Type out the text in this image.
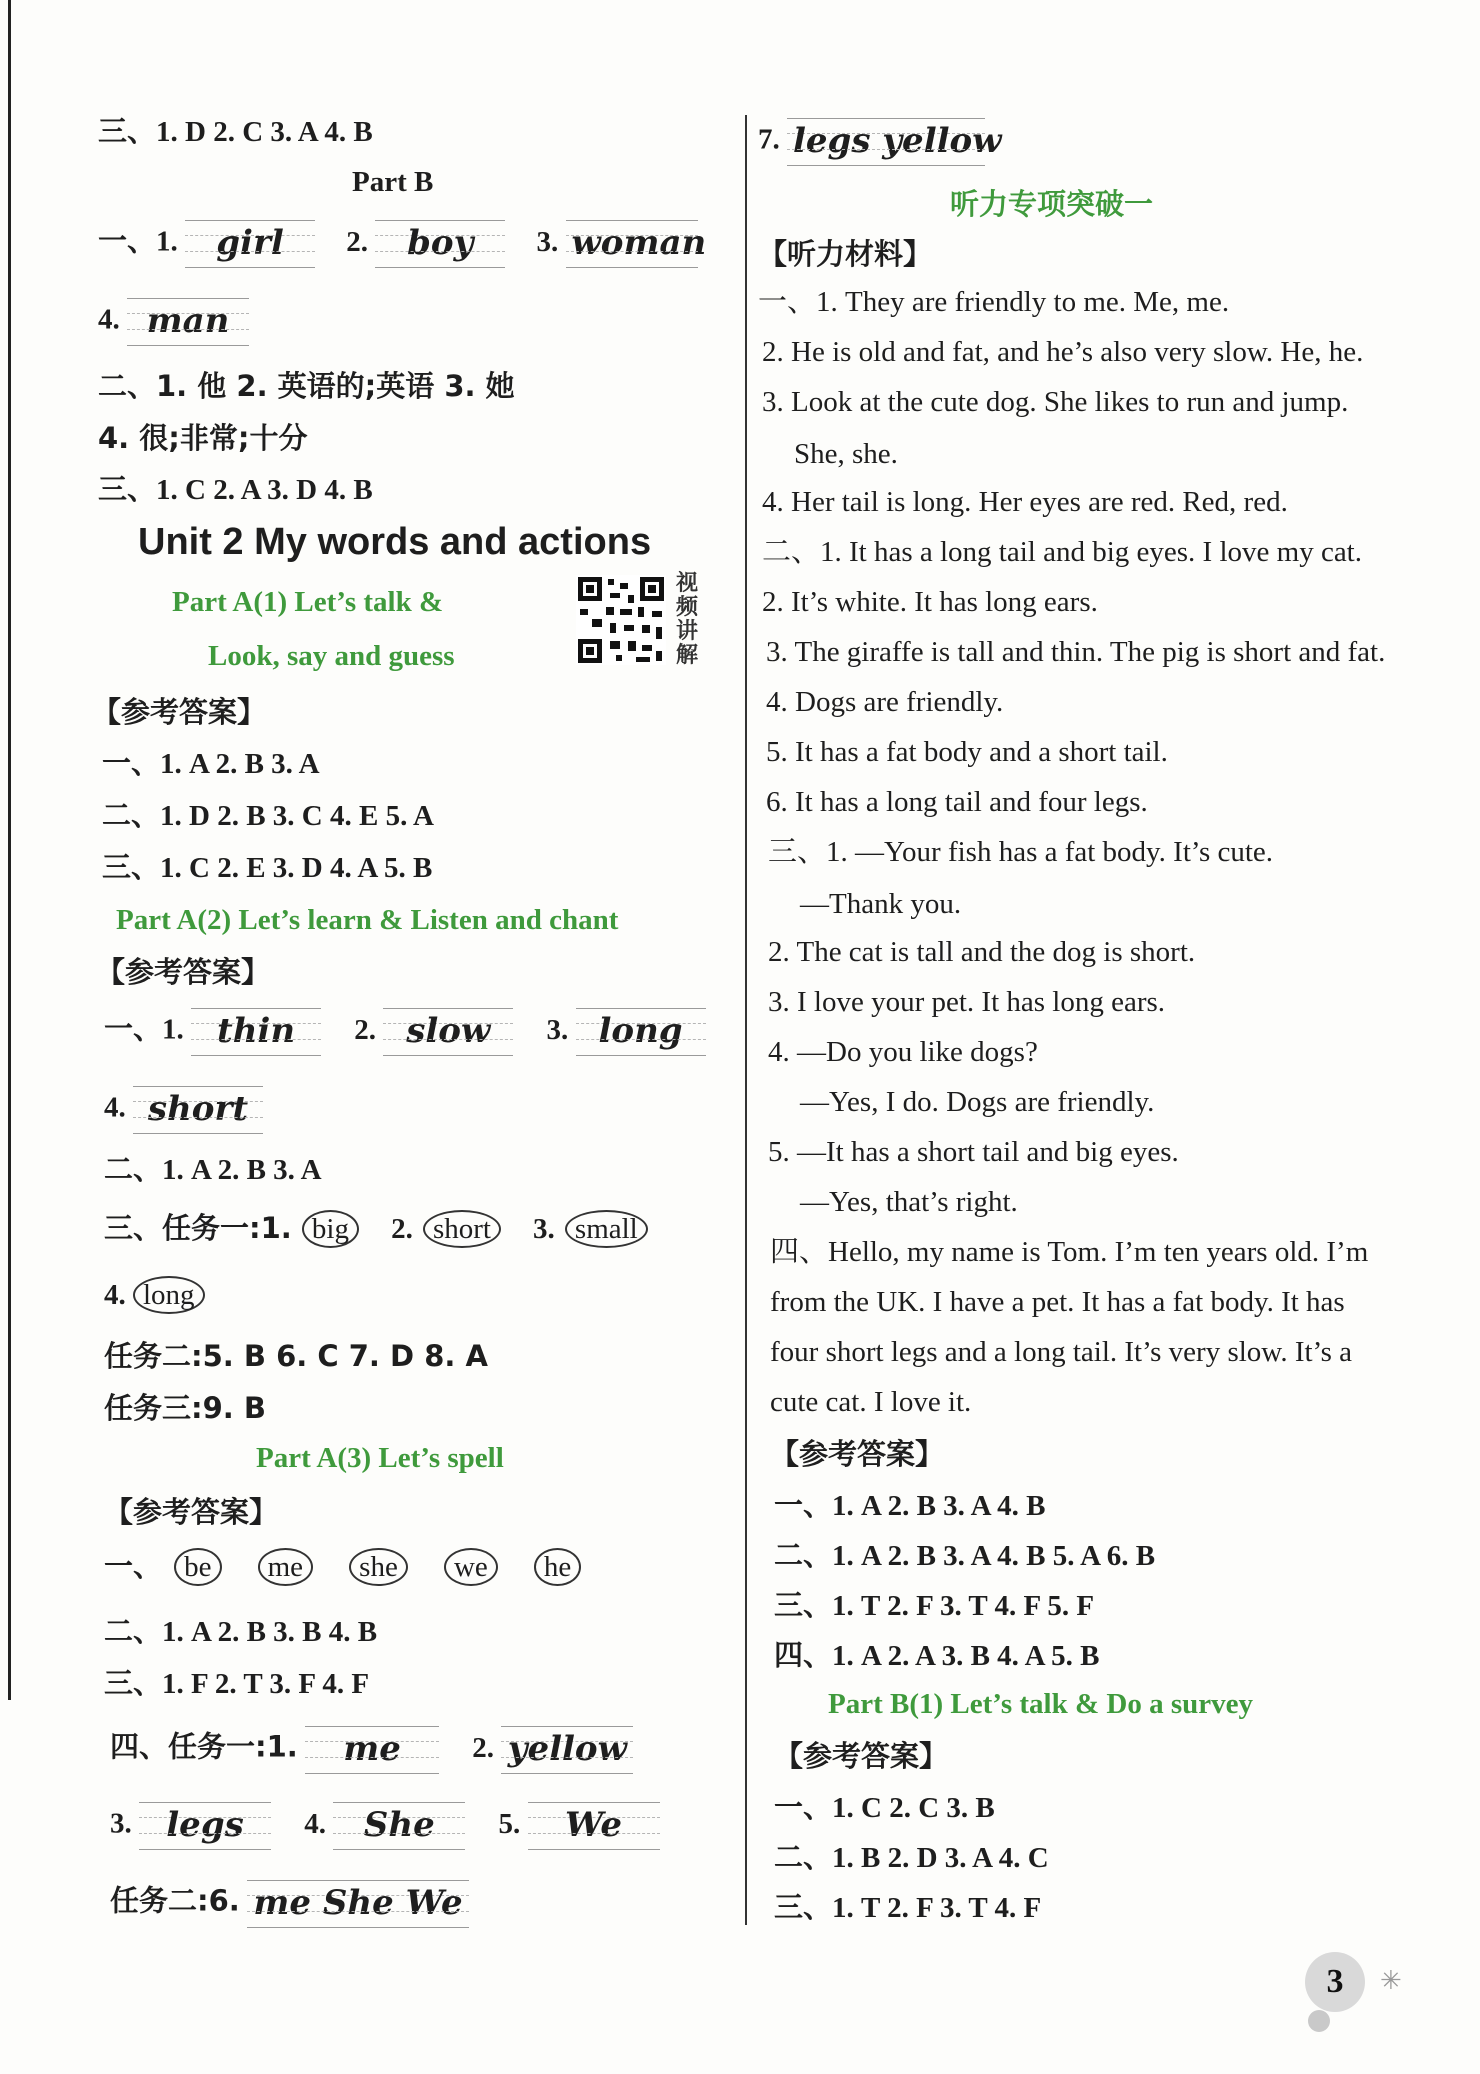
三、1. D 2. C 3. A 4. B
Part B
一、1. girl 2. boy 3. woman
4. man
二、1. 他 2. 英语的;英语 3. 她
4. 很;非常;十分
三、1. C 2. A 3. D 4. B
Unit 2 My words and actions
Part A(1) Let’s talk &
Look, say and guess
视频讲解
【参考答案】
一、1. A 2. B 3. A
二、1. D 2. B 3. C 4. E 5. A
三、1. C 2. E 3. D 4. A 5. B
Part A(2) Let’s learn & Listen and chant
【参考答案】
一、1. thin 2. slow 3. long
4. short
二、1. A 2. B 3. A
三、任务一:1. big 2. short 3. small
4. long
任务二:5. B 6. C 7. D 8. A
任务三:9. B
Part A(3) Let’s spell
【参考答案】
一、 be me she we he
二、1. A 2. B 3. B 4. B
三、1. F 2. T 3. F 4. F
四、任务一:1. me 2. yellow
3. legs 4. She 5. We
任务二:6. me She We
7. legs yellow
听力专项突破一
【听力材料】
一、1. They are friendly to me. Me, me.
2. He is old and fat, and he’s also very slow. He, he.
3. Look at the cute dog. She likes to run and jump.
She, she.
4. Her tail is long. Her eyes are red. Red, red.
二、1. It has a long tail and big eyes. I love my cat.
2. It’s white. It has long ears.
3. The giraffe is tall and thin. The pig is short and fat.
4. Dogs are friendly.
5. It has a fat body and a short tail.
6. It has a long tail and four legs.
三、1. —Your fish has a fat body. It’s cute.
—Thank you.
2. The cat is tall and the dog is short.
3. I love your pet. It has long ears.
4. —Do you like dogs?
—Yes, I do. Dogs are friendly.
5. —It has a short tail and big eyes.
—Yes, that’s right.
四、Hello, my name is Tom. I’m ten years old. I’m
from the UK. I have a pet. It has a fat body. It has
four short legs and a long tail. It’s very slow. It’s a
cute cat. I love it.
【参考答案】
一、1. A 2. B 3. A 4. B
二、1. A 2. B 3. A 4. B 5. A 6. B
三、1. T 2. F 3. T 4. F 5. F
四、1. A 2. A 3. B 4. A 5. B
Part B(1) Let’s talk & Do a survey
【参考答案】
一、1. C 2. C 3. B
二、1. B 2. D 3. A 4. C
三、1. T 2. F 3. T 4. F
3	✳
